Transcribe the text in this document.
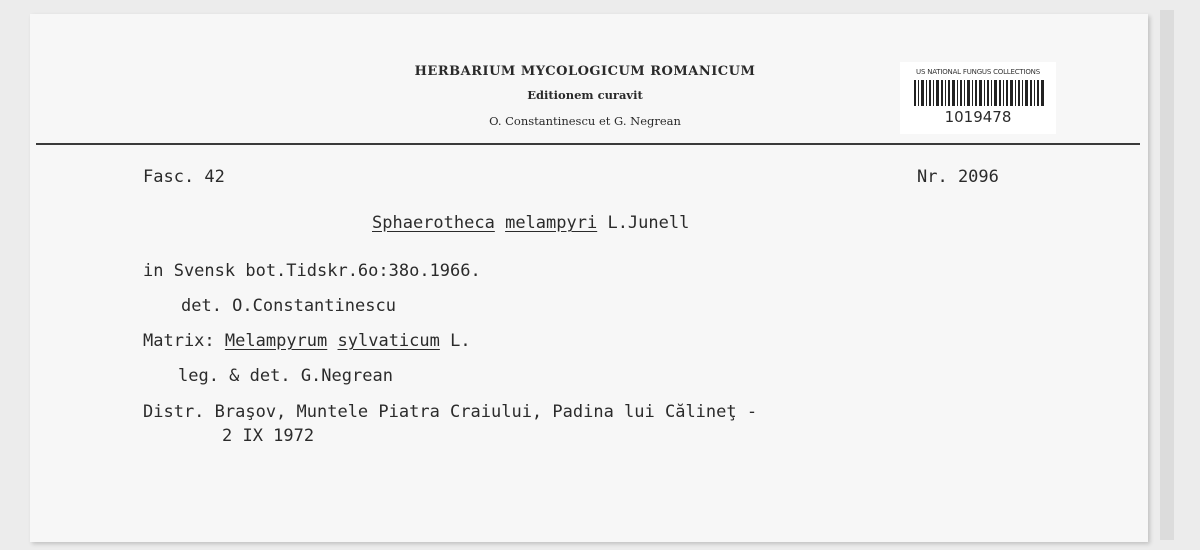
HERBARIUM MYCOLOGICUM ROMANICUM
Editionem curavit
O. Constantinescu et G. Negrean
US NATIONAL FUNGUS COLLECTIONS
1019478
Fasc. 42	Nr. 2096
Sphaerotheca melampyri L.Junell
in Svensk bot.Tidskr.6o:38o.1966.
det. O.Constantinescu
Matrix: Melampyrum sylvaticum L.
leg. & det. G.Negrean
Distr. Braşov, Muntele Piatra Craiului, Padina lui Călineţ -
2 IX 1972
